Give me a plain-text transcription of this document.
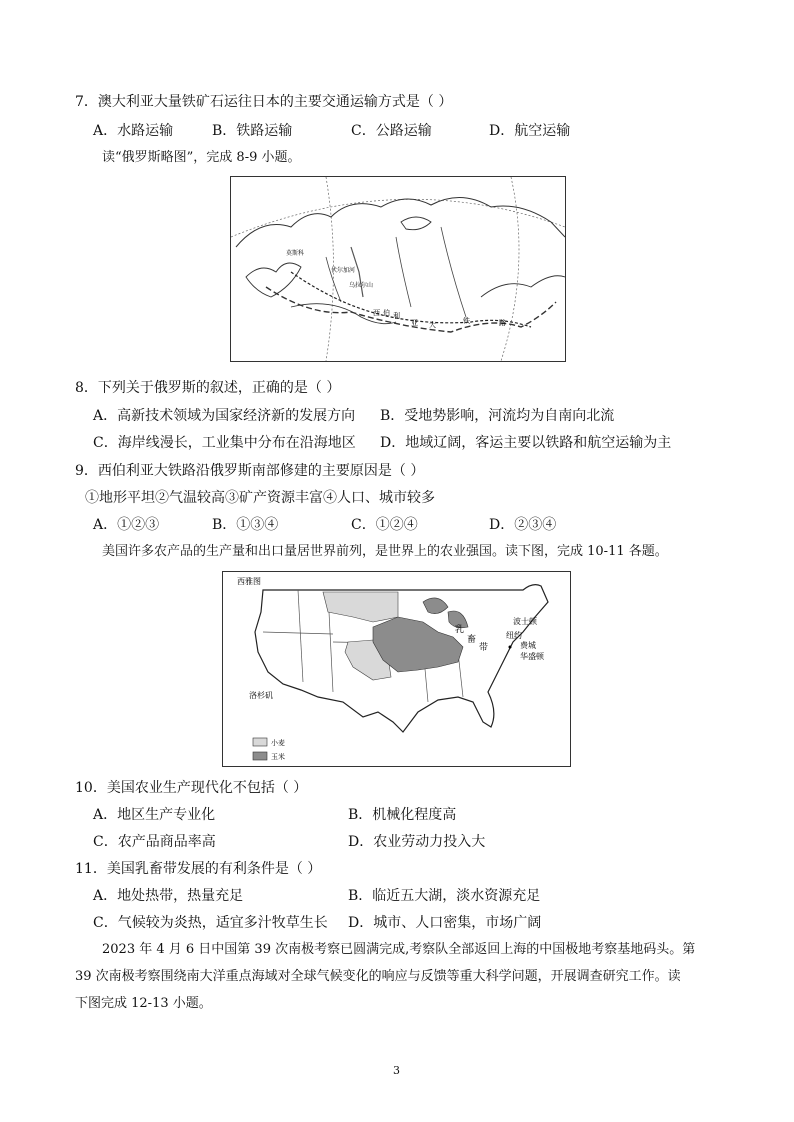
7．澳大利亚大量铁矿石运往日本的主要交通运输方式是（ ）
A．水路运输	B．铁路运输	C．公路运输	D．航空运输
读“俄罗斯略图”，完成 8-9 小题。
莫斯科
伏尔加河
乌拉尔山
西 伯 利
亚 大	铁	路
8．下列关于俄罗斯的叙述，正确的是（ ）
A．高新技术领域为国家经济新的发展方向 B．受地势影响，河流均为自南向北流
C．海岸线漫长，工业集中分布在沿海地区 D．地域辽阔，客运主要以铁路和航空运输为主
9．西伯利亚大铁路沿俄罗斯南部修建的主要原因是（ ）
①地形平坦②气温较高③矿产资源丰富④人口、城市较多
A．①②③	B．①③④	C．①②④	D．②③④
美国许多农产品的生产量和出口量居世界前列，是世界上的农业强国。读下图，完成 10-11 各题。
西雅图
洛杉矶
波士顿
纽约
费城
华盛顿
乳
畜
带
小麦
玉米
10．美国农业生产现代化不包括（ ）
A．地区生产专业化	B．机械化程度高
C．农产品商品率高	D．农业劳动力投入大
11．美国乳畜带发展的有利条件是（ ）
A．地处热带，热量充足	B．临近五大湖，淡水资源充足
C．气候较为炎热，适宜多汁牧草生长 D．城市、人口密集，市场广阔
2023 年 4 月 6 日中国第 39 次南极考察已圆满完成,考察队全部返回上海的中国极地考察基地码头。第
39 次南极考察围绕南大洋重点海域对全球气候变化的响应与反馈等重大科学问题，开展调查研究工作。读
下图完成 12-13 小题。
3
